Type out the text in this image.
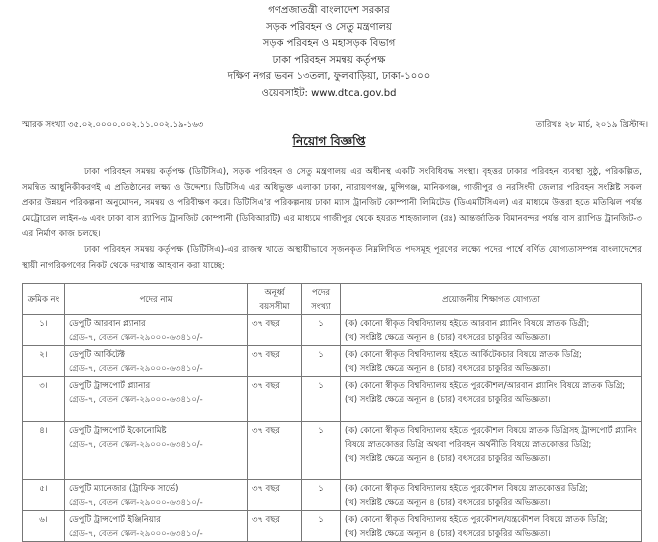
গণপ্রজাতন্ত্রী বাংলাদেশ সরকার
সড়ক পরিবহন ও সেতু মন্ত্রণালয়
সড়ক পরিবহন ও মহাসড়ক বিভাগ
ঢাকা পরিবহন সমন্বয় কর্তৃপক্ষ
দক্ষিণ নগর ভবন ১৩তলা, ফুলবাড়িয়া, ঢাকা-১০০০
ওয়েবসাইট: www.dtca.gov.bd
স্মারক সংখ্যা ৩৫.০২.০০০০.০০২.১১.০০২.১৯-১৬৩	তারিখঃ ২৮ মার্চ, ২০১৯ খ্রিস্টাব্দ।
নিয়োগ বিজ্ঞপ্তি
ঢাকা পরিবহন সমন্বয় কর্তৃপক্ষ (ডিটিসিএ), সড়ক পরিবহন ও সেতু মন্ত্রণালয় এর অধীনস্থ একটি সংবিধিবদ্ধ সংস্থা। বৃহত্তর ঢাকার পরিবহন ব্যবস্থা সুষ্ঠু, পরিকল্পিত, সমন্বিত আধুনিকীকরণই এ প্রতিষ্ঠানের লক্ষ্য ও উদ্দেশ্য। ডিটিসিএ এর অধিভুক্ত এলাকা ঢাকা, নারায়ণগঞ্জ, মুন্সিগঞ্জ, মানিকগঞ্জ, গাজীপুর ও নরসিংদী জেলার পরিবহন সংশ্লিষ্ট সকল প্রকার উন্নয়ন পরিকল্পনা অনুমোদন, সমন্বয় ও পরিবীক্ষণ করে। ডিটিসিএ'র পরিকল্পনায় ঢাকা ম্যাস ট্রানজিট কোম্পানী লিমিটেড (ডিএমটিসিএল) এর মাধ্যমে উত্তরা হতে মতিঝিল পর্যন্ত মেট্রোরেল লাইন-৬ এবং ঢাকা বাস র‍্যাপিড ট্রানজিট কোম্পানী (ডিবিআরটি) এর মাধ্যমে গাজীপুর থেকে হযরত শাহজালাল (রঃ) আন্তর্জাতিক বিমানবন্দর পর্যন্ত বাস র‍্যাপিড ট্রানজিট-৩ এর নির্মাণ কাজ চলছে।
ঢাকা পরিবহন সমন্বয় কর্তৃপক্ষ (ডিটিসিএ)-এর রাজস্ব খাতে অস্থায়ীভাবে সৃজনকৃত নিম্নলিখিত পদসমূহ পূরণের লক্ষ্যে পদের পার্শ্বে বর্ণিত যোগ্যতাসম্পন্ন বাংলাদেশের স্থায়ী নাগরিকগণের নিকট থেকে দরখাস্ত আহবান করা যাচ্ছে:
ক্রমিক নং	পদের নাম	অনূর্ধ্ব বয়সসীমা	পদের সংখ্যা	প্রয়োজনীয় শিক্ষাগত যোগ্যতা
১।	ডেপুটি আরবান প্ল্যানার
গ্রেড-৭, বেতন স্কেল-২৯০০০-৬৩৪১০/-
	৩৭ বছর	১	(ক) কোনো স্বীকৃত বিশ্ববিদ্যালয় হইতে আরবান প্ল্যানিং বিষয়ে স্নাতক ডিগ্রী;
(খ) সংশ্লিষ্ট ক্ষেত্রে অন্যূন ৪ (চার) বৎসরের চাকুরির অভিজ্ঞতা।

২।	ডেপুটি আর্কিটেক্ট
গ্রেড-৭, বেতন স্কেল-২৯০০০-৬৩৪১০/-
	৩৭ বছর	১	(ক) কোনো স্বীকৃত বিশ্ববিদ্যালয় হইতে আর্কিটেকচার বিষয়ে স্নাতক ডিগ্রি;
(খ) সংশ্লিষ্ট ক্ষেত্রে অন্যূন ৪ (চার) বৎসরের চাকুরির অভিজ্ঞতা।

৩।	ডেপুটি ট্রান্সপোর্ট প্ল্যানার
গ্রেড-৭, বেতন স্কেল-২৯০০০-৬৩৪১০/-
	৩৭ বছর	১	(ক) কোনো স্বীকৃত বিশ্ববিদ্যালয় হইতে পুরকৌশল/আরবান প্ল্যানিং বিষয়ে স্নাতক ডিগ্রি;
(খ) সংশ্লিষ্ট ক্ষেত্রে অন্যূন ৪ (চার) বৎসরের চাকুরির অভিজ্ঞতা।

৪।	ডেপুটি ট্রান্সপোর্ট ইকোনোমিষ্ট
গ্রেড-৭, বেতন স্কেল-২৯০০০-৬৩৪১০/-
	৩৭ বছর	১	(ক) কোনো স্বীকৃত বিশ্ববিদ্যালয় হইতে পুরকৌশল বিষয়ে স্নাতক ডিগ্রিসহ ট্রান্সপোর্ট প্ল্যানিং বিষয়ে স্নাতকোত্তর ডিগ্রি অথবা পরিবহন অর্থনীতি বিষয়ে স্নাতকোত্তর ডিগ্রি;
(খ) সংশ্লিষ্ট ক্ষেত্রে অন্যূন ৪ (চার) বৎসরের চাকুরির অভিজ্ঞতা।

৫।	ডেপুটি ম্যানেজার (ট্রাফিক সার্ভে)
গ্রেড-৭, বেতন স্কেল-২৯০০০-৬৩৪১০/-
	৩৭ বছর	১	(ক) কোনো স্বীকৃত বিশ্ববিদ্যালয় হইতে পুরকৌশল বিষয়ে স্নাতকোত্তর ডিগ্রি;
(খ) সংশ্লিষ্ট ক্ষেত্রে অন্যূন ৪ (চার) বৎসরের চাকুরির অভিজ্ঞতা।

৬।	ডেপুটি ট্রান্সপোর্ট ইঞ্জিনিয়ার
গ্রেড-৭, বেতন স্কেল-২৯০০০-৬৩৪১০/-
	৩৭ বছর	১	(ক) কোনো স্বীকৃত বিশ্ববিদ্যালয় হইতে পুরকৌশল/যন্ত্রকৌশল বিষয়ে স্নাতক ডিগ্রি;
(খ) সংশ্লিষ্ট ক্ষেত্রে অন্যূন ৪ (চার) বৎসরের চাকুরির অভিজ্ঞতা।
